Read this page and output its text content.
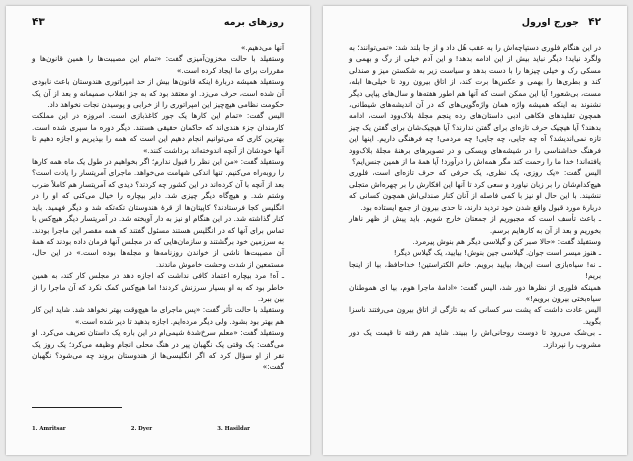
۴۲
جورج اورول

در این هنگام فلوری دستپاچه‌اش را به عقب هُل داد و از جا بلند شد: «نمی‌توانند؛ به ولگرد نیاید! دیگر نباید بیش از این ادامه بدهد! و این آدم خیلی از رگ و بهمی و مسکی رک و خیلی چیزها را با دست بدهد و سیاست زیر به شکستن میز و صندلی کند و بطری‌ها را بهمی و عکس‌ها برت کند، از اتاق بیرون رود تا خیلی‌ها ابله، مست، بی‌شعور! آیا این ممکن است که آنها هم اطور هفته‌ها و سال‌های پیاپی دیگر نشنوند به اینکه همیشه واژه همان واژه‌گویی‌های که در آن اندیشه‌های شیطانی، همچون تقلیدهای فکاهی ادبی داستان‌های رده پنجم مجلهٔ بلاک‌وود است، ادامه بدهند؟ آیا هیچیک حرف تازه‌ای برای گفتن ندارند؟ آیا هیچیک‌شان برای گفتن یک چیز تازه نمی‌اندیشد؟ آه چه جایی، چه جایی! چه مردمی! چه فرهنگی داریم. اینها این فرهنگ خداشناسی را در شیشه‌های ویسکی و در تصویرهای برهنهٔ مجلهٔ بلاک‌وود یافته‌اند! خدا ما را رحمت کند مگر همه‌اش را درآورد! آیا همهٔ ما از همین جنس‌ایم؟

الیس گفت: «یک روزی، یک نظری، یک حرفی که حرف تازه‌ای است، فلوری هیچ‌کدام‌شان را بر زبان نیاورد و سعی کرد تا آنها این افکارش را بر چهره‌اش متجلی ننشیند. با این حال او نیز با کمی فاصله از آنان کنار صندلی‌اش همچون کسانی که دربارهٔ مورد قبول واقع شدن خود تردید دارند، تا حدی بیرون از جمع ایستاده بود.

ـ باعث تأسف است که مجبوریم از جمعتان خارج شویم. باید پیش از ظهر ناهار بخوریم و بعد از آن به کارهایم برسم.

وستفیلد گفت: «حالا صبر کن و گیلاسی دیگر هم بنوش پیرمرد.

ـ هنوز میسر است جوان. گیلاسی جین بنوش! بیایید، یک گیلاس دیگر!

ـ نه! سیاه‌بازی است این‌ها، بیایید برویم. خانم الکتراستین! خداحافظ، بیا از اینجا بریم!

همینکه فلوری از نظرها دور شد، الیس گفت: «ادامهٔ ماجرا هوم، بیا ای هموطنان سیاه‌بختی بیرون برویم!»

الیس عادت داشت که پشت سر کسانی که به تازگی از اتاق بیرون می‌رفتند ناسزا بگوید.

ـ بی‌شک می‌رود تا دوست روحانی‌اش را ببیند. شاید هم رفته تا قیمت یک دور مشروب را نپردازد.

۴۳	روزهای برمه

آنها می‌دهیم.»

وستفیلد با حالت مخزون‌آمیزی گفت: «تمام این مصیبت‌ها را همین قانون‌ها و مقررات برای ما ایجاد کرده است.»

وستفیلد همیشه دربارهٔ اینکه قانون‌ها بیش از حد امپراتوری هندوستان باعث نابودی آن شده است، حرف می‌زد. او معتقد بود که به جز انقلاب صمیمانه و بعد از آن یک حکومت نظامی هیچ‌چیز این امپراتوری را از خرابی و پوسیدن نجات نخواهد داد.

الیس گفت: «تمام این کارها یک جور کاغذبازی است. امروزه در این مملکت کارمندان جزء هندی‌اند که حاکمان حقیقی هستند. دیگر دوره ما سپری شده است. بهترین کاری که می‌توانیم انجام دهیم این است که همه را بپذیریم و اجازه دهیم تا آنها خودشان از آنچه اندوخته‌اند برداشت کنند.»

وستفیلد گفت: «من این نظر را قبول ندارم؛ اگر بخواهیم در طول یک ماه همه کارها را روبه‌راه می‌کنیم. تنها اندکی شهامت می‌خواهد. ماجرای آمریتسار را یادت است؟ بعد از آنچه با آن کرده‌اند در این کشور چه کردند؟ دیدی که آمریتسار هم کاملاً ضرب وشتم شد. و هیچ‌گاه دیگر چیزی شد. دایر بیچاره را خیال می‌کنی که او را در انگلیس کجا فرستادند؟ کاپیتان‌ها از قرهٔ هندوستان تکه‌تکه شد و دیگر فهمید. باید کنار گذاشته شد. در این هنگام او نیز به دار آویخته شد. در آمریتسار دیگر هیچ‌کس با تماس برای آنها که در انگلیس هستند مسئول گفتند که همه مقصر این ماجرا بودند. به سرزمین خود برگشتند و سازمان‌هایی که در مجلس آنها فرمان داده بودند که همهٔ آن مصیبت‌ها ناشی از خواندن روزنامه‌ها و مجله‌ها بوده است.» در این حال، مستمعین از شدت وحشت خاموش ماندند.

ـ آه! مرد بیچاره اعتماد کافی نداشت که اجازه دهد در مجلس کار کند، به همین خاطر بود که به او بسیار سرزنش کردند! اما هیچ‌کس کمک نکرد که آن ماجرا را از بین ببرد.

وستفیلد با حالت تأثر گفت: «پس ماجرای ما هیچ‌وقت بهتر نخواهد شد. شاید این کار هم بهتر بود بشود. ولی دیگر مرده‌ایم. اجازه بدهید تا دیر شده است.»

وستفیلد گفت: «معلم سرخ‌شدهٔ شیمی‌ام در این باره یک داستان تعریف می‌کرد. او می‌گفت: یک وقتی یک نگهبان پیر در هنگ محلی انجام وظیفه می‌کرد؛ یک روز یک نفر از او سؤال کرد که اگر انگلیسی‌ها از هندوستان بروند چه می‌شود؟ نگهبان گفت:»

1. Amritsar	2. Dyer	3. Hasildar
